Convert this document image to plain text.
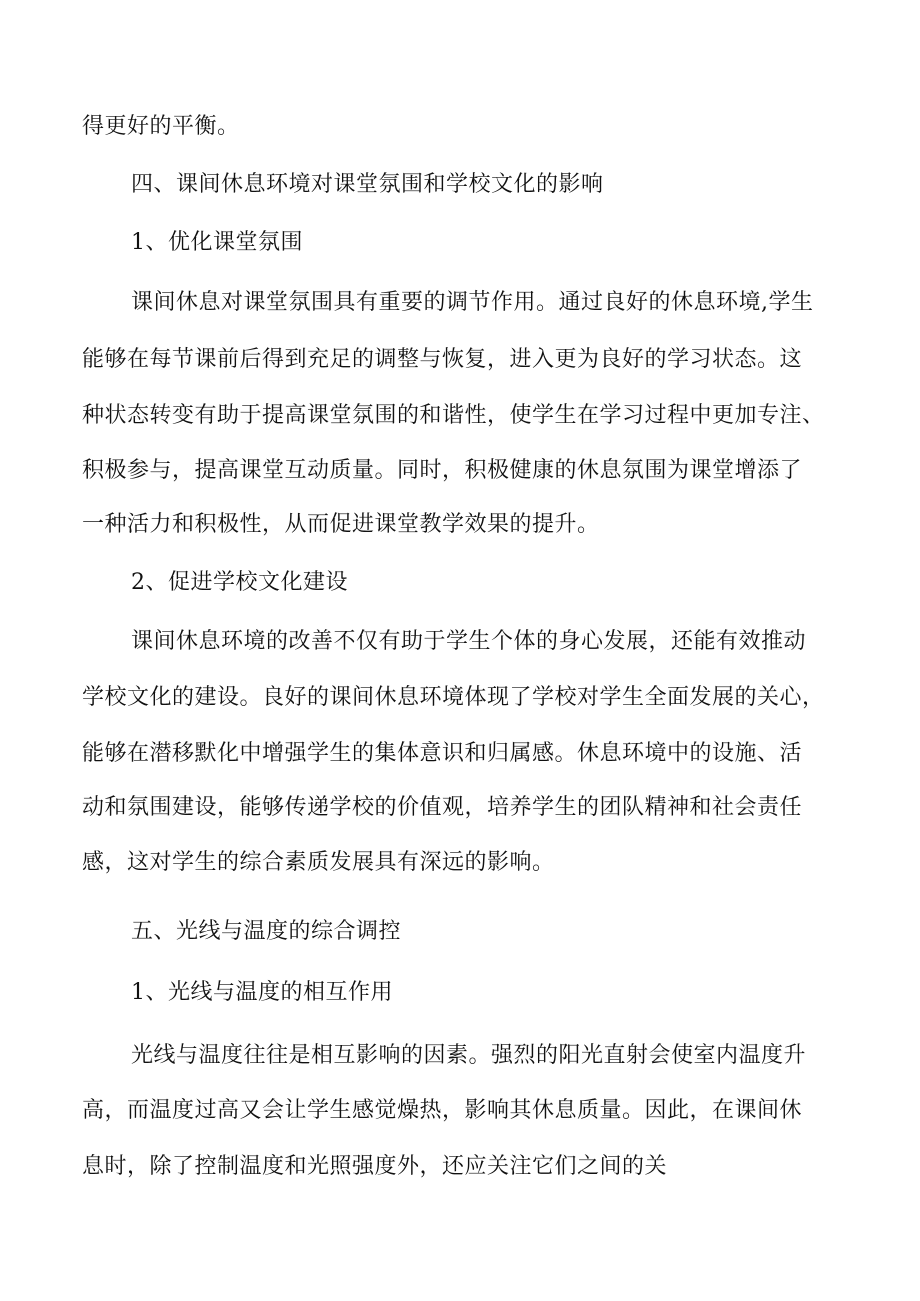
得更好的平衡。
四、课间休息环境对课堂氛围和学校文化的影响
1、优化课堂氛围
课间休息对课堂氛围具有重要的调节作用。通过良好的休息环境,学生
能够在每节课前后得到充足的调整与恢复，进入更为良好的学习状态。这
种状态转变有助于提高课堂氛围的和谐性，使学生在学习过程中更加专注、
积极参与，提高课堂互动质量。同时，积极健康的休息氛围为课堂增添了
一种活力和积极性，从而促进课堂教学效果的提升。
2、促进学校文化建设
课间休息环境的改善不仅有助于学生个体的身心发展，还能有效推动
学校文化的建设。良好的课间休息环境体现了学校对学生全面发展的关心，
能够在潜移默化中增强学生的集体意识和归属感。休息环境中的设施、活
动和氛围建设，能够传递学校的价值观，培养学生的团队精神和社会责任
感，这对学生的综合素质发展具有深远的影响。
五、光线与温度的综合调控
1、光线与温度的相互作用
光线与温度往往是相互影响的因素。强烈的阳光直射会使室内温度升
高，而温度过高又会让学生感觉燥热，影响其休息质量。因此，在课间休
息时，除了控制温度和光照强度外，还应关注它们之间的关
